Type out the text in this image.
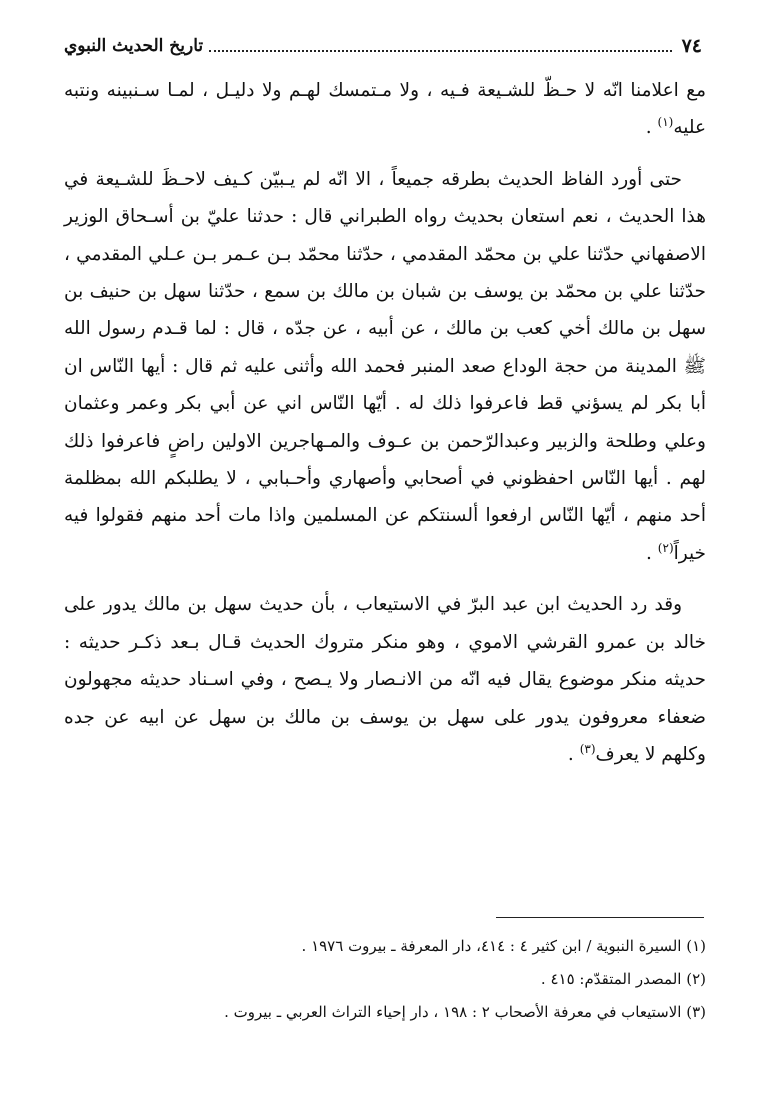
٧٤
تاريخ الحديث النبوي

مع اعلامنا انّه لا حـظّ للشـيعة فـيه ، ولا مـتمسك لهـم ولا دليـل ، لمـا سـنبينه ونتبه عليه$^{(١)}$ .

حتى أورد الفاظ الحديث بطرقه جميعاً ، الا انّه لم يـبيّن كـيف لاحـظَ للشـيعة في هذا الحديث ، نعم استعان بحديث رواه الطبراني قال : حدثنا عليّ بن أسـحاق الوزير الاصفهاني حدّثنا علي بن محمّد المقدمي ، حدّثنا محمّد بـن عـمر بـن عـلي المقدمي ، حدّثنا علي بن محمّد بن يوسف بن شبان بن مالك بن سمع ، حدّثنا سهل بن حنيف بن سهل بن مالك أخي كعب بن مالك ، عن أبيه ، عن جدّه ، قال : لما قـدم رسول الله ﷺ المدينة من حجة الوداع صعد المنبر فحمد الله وأثنى عليه ثم قال : أيها النّاس ان أبا بكر لم يسؤني قط فاعرفوا ذلك له . أيّها النّاس اني عن أبي بكر وعمر وعثمان وعلي وطلحة والزبير وعبدالرّحمن بن عـوف والمـهاجرين الاولين راضٍ فاعرفوا ذلك لهم . أيها النّاس احفظوني في أصحابي وأصهاري وأحـبابي ، لا يطلبكم الله بمظلمة أحد منهم ، أيّها النّاس ارفعوا ألسنتكم عن المسلمين واذا مات أحد منهم فقولوا فيه خيراً$^{(٢)}$ .

وقد رد الحديث ابن عبد البرّ في الاستيعاب ، بأن حديث سهل بن مالك يدور على خالد بن عمرو القرشي الاموي ، وهو منكر متروك الحديث قـال بـعد ذكـر حديثه : حديثه منكر موضوع يقال فيه انّه من الانـصار ولا يـصح ، وفي اسـناد حديثه مجهولون ضعفاء معروفون يدور على سهل بن يوسف بن مالك بن سهل عن ابيه عن جده وكلهم لا يعرف$^{(٣)}$ .

(١) السيرة النبوية / ابن كثير ٤ : ٤١٤، دار المعرفة ـ بيروت ١٩٧٦ .

(٢) المصدر المتقدّم: ٤١٥ .

(٣) الاستيعاب في معرفة الأصحاب ٢ : ١٩٨ ، دار إحياء التراث العربي ـ بيروت .
